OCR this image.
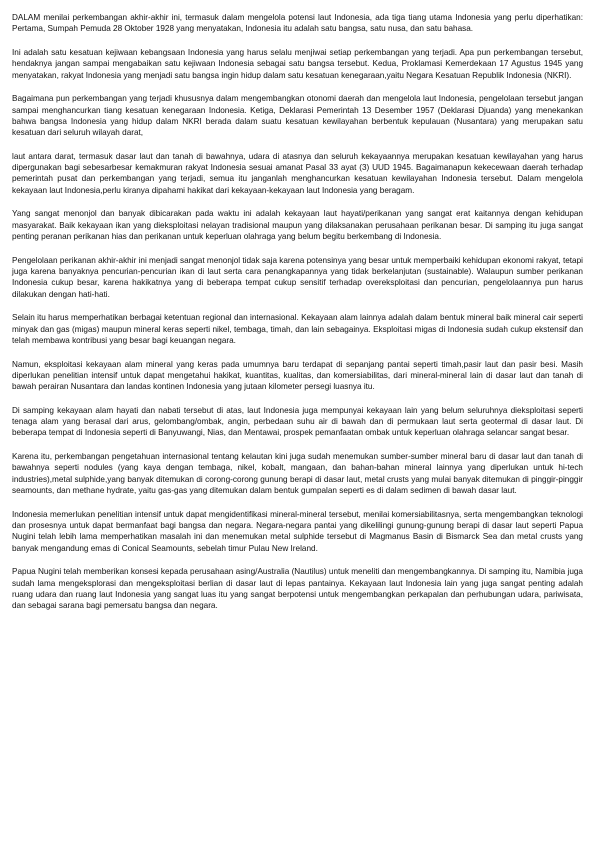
DALAM menilai perkembangan akhir-akhir ini, termasuk dalam mengelola potensi laut Indonesia, ada tiga tiang utama Indonesia yang perlu diperhatikan: Pertama, Sumpah Pemuda 28 Oktober 1928 yang menyatakan, Indonesia itu adalah satu bangsa, satu nusa, dan satu bahasa.

Ini adalah satu kesatuan kejiwaan kebangsaan Indonesia yang harus selalu menjiwai setiap perkembangan yang terjadi. Apa pun perkembangan tersebut, hendaknya jangan sampai mengabaikan satu kejiwaan Indonesia sebagai satu bangsa tersebut. Kedua, Proklamasi Kemerdekaan 17 Agustus 1945 yang menyatakan, rakyat Indonesia yang menjadi satu bangsa ingin hidup dalam satu kesatuan kenegaraan,yaitu Negara Kesatuan Republik Indonesia (NKRI).

Bagaimana pun perkembangan yang terjadi khususnya dalam mengembangkan otonomi daerah dan mengelola laut Indonesia, pengelolaan tersebut jangan sampai menghancurkan tiang kesatuan kenegaraan Indonesia. Ketiga, Deklarasi Pemerintah 13 Desember 1957 (Deklarasi Djuanda) yang menekankan bahwa bangsa Indonesia yang hidup dalam NKRI berada dalam suatu kesatuan kewilayahan berbentuk kepulauan (Nusantara) yang merupakan satu kesatuan dari seluruh wilayah darat,

laut antara darat, termasuk dasar laut dan tanah di bawahnya, udara di atasnya dan seluruh kekayaannya merupakan kesatuan kewilayahan yang harus dipergunakan bagi sebesarbesar kemakmuran rakyat Indonesia sesuai amanat Pasal 33 ayat (3) UUD 1945. Bagaimanapun kekecewaan daerah terhadap pemerintah pusat dan perkembangan yang terjadi, semua itu janganlah menghancurkan kesatuan kewilayahan Indonesia tersebut. Dalam mengelola kekayaan laut Indonesia,perlu kiranya dipahami hakikat dari kekayaan-kekayaan laut Indonesia yang beragam.

Yang sangat menonjol dan banyak dibicarakan pada waktu ini adalah kekayaan laut hayati/perikanan yang sangat erat kaitannya dengan kehidupan masyarakat. Baik kekayaan ikan yang dieksploitasi nelayan tradisional maupun yang dilaksanakan perusahaan perikanan besar. Di samping itu juga sangat penting peranan perikanan hias dan perikanan untuk keperluan olahraga yang belum begitu berkembang di Indonesia.

Pengelolaan perikanan akhir-akhir ini menjadi sangat menonjol tidak saja karena potensinya yang besar untuk memperbaiki kehidupan ekonomi rakyat, tetapi juga karena banyaknya pencurian-pencurian ikan di laut serta cara penangkapannya yang tidak berkelanjutan (sustainable). Walaupun sumber perikanan Indonesia cukup besar, karena hakikatnya yang di beberapa tempat cukup sensitif terhadap overeksploitasi dan pencurian, pengelolaannya pun harus dilakukan dengan hati-hati.

Selain itu harus memperhatikan berbagai ketentuan regional dan internasional. Kekayaan alam lainnya adalah dalam bentuk mineral baik mineral cair seperti minyak dan gas (migas) maupun mineral keras seperti nikel, tembaga, timah, dan lain sebagainya. Eksploitasi migas di Indonesia sudah cukup ekstensif dan telah membawa kontribusi yang besar bagi keuangan negara.

Namun, eksploitasi kekayaan alam mineral yang keras pada umumnya baru terdapat di sepanjang pantai seperti timah,pasir laut dan pasir besi. Masih diperlukan penelitian intensif untuk dapat mengetahui hakikat, kuantitas, kualitas, dan komersiabilitas, dari mineral-mineral lain di dasar laut dan tanah di bawah perairan Nusantara dan landas kontinen Indonesia yang jutaan kilometer persegi luasnya itu.

Di samping kekayaan alam hayati dan nabati tersebut di atas, laut Indonesia juga mempunyai kekayaan lain yang belum seluruhnya dieksploitasi seperti tenaga alam yang berasal dari arus, gelombang/ombak, angin, perbedaan suhu air di bawah dan di permukaan laut serta geotermal di dasar laut. Di beberapa tempat di Indonesia seperti di Banyuwangi, Nias, dan Mentawai, prospek pemanfaatan ombak untuk keperluan olahraga selancar sangat besar.

Karena itu, perkembangan pengetahuan internasional tentang kelautan kini juga sudah menemukan sumber-sumber mineral baru di dasar laut dan tanah di bawahnya seperti nodules (yang kaya dengan tembaga, nikel, kobalt, mangaan, dan bahan-bahan mineral lainnya yang diperlukan untuk hi-tech industries),metal sulphide,yang banyak ditemukan di corong-corong gunung berapi di dasar laut, metal crusts yang mulai banyak ditemukan di pinggir-pinggir seamounts, dan methane hydrate, yaitu gas-gas yang ditemukan dalam bentuk gumpalan seperti es di dalam sedimen di bawah dasar laut.

Indonesia memerlukan penelitian intensif untuk dapat mengidentifikasi mineral-mineral tersebut, menilai komersiabilitasnya, serta mengembangkan teknologi dan prosesnya untuk dapat bermanfaat bagi bangsa dan negara. Negara-negara pantai yang dikelilingi gunung-gunung berapi di dasar laut seperti Papua Nugini telah lebih lama memperhatikan masalah ini dan menemukan metal sulphide tersebut di Magmanus Basin di Bismarck Sea dan metal crusts yang banyak mengandung emas di Conical Seamounts, sebelah timur Pulau New Ireland.

Papua Nugini telah memberikan konsesi kepada perusahaan asing/Australia (Nautilus) untuk meneliti dan mengembangkannya. Di samping itu, Namibia juga sudah lama mengeksplorasi dan mengeksploitasi berlian di dasar laut di lepas pantainya. Kekayaan laut Indonesia lain yang juga sangat penting adalah ruang udara dan ruang laut Indonesia yang sangat luas itu yang sangat berpotensi untuk mengembangkan perkapalan dan perhubungan udara, pariwisata, dan sebagai sarana bagi pemersatu bangsa dan negara.
